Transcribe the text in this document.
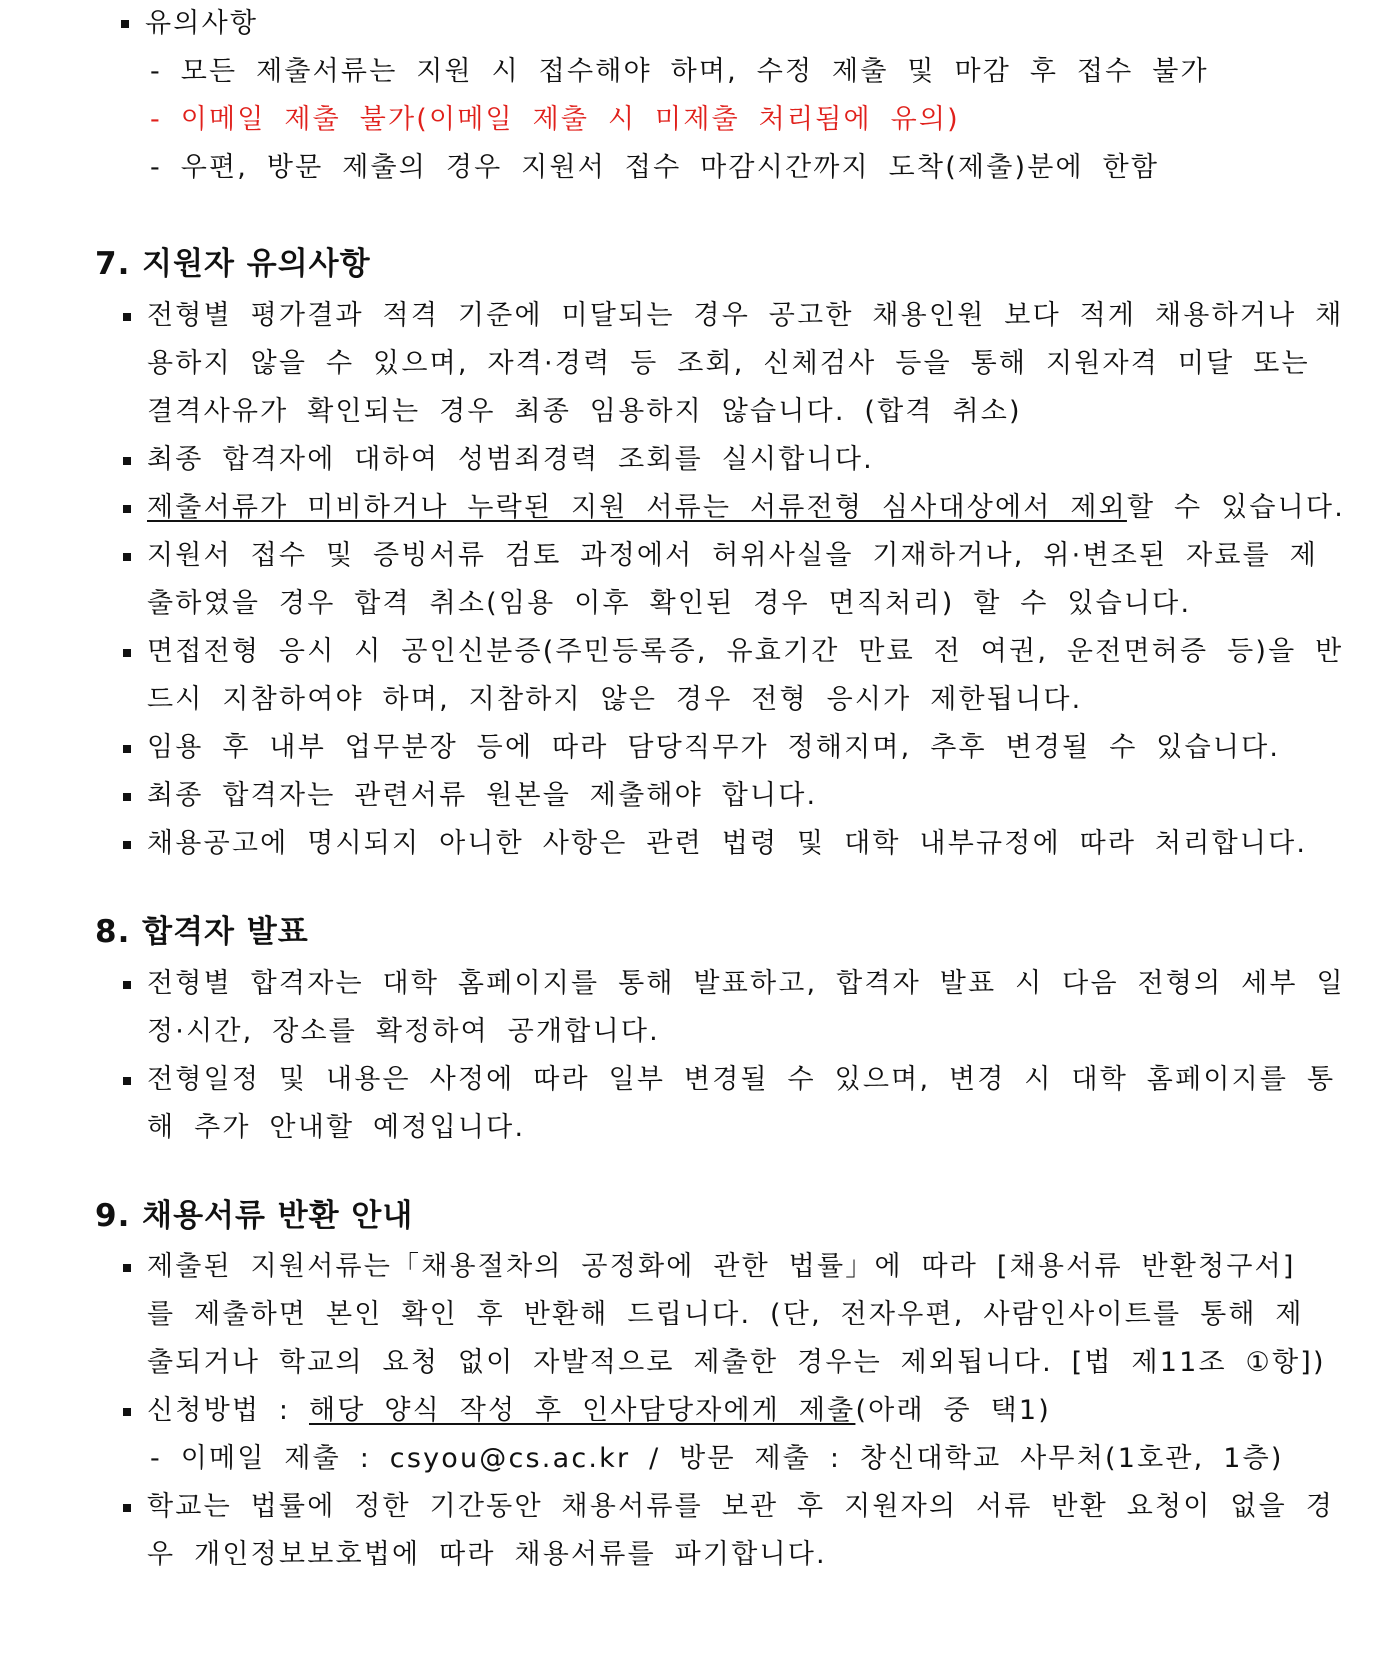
유의사항
- 모든 제출서류는 지원 시 접수해야 하며, 수정 제출 및 마감 후 접수 불가
- 이메일 제출 불가(이메일 제출 시 미제출 처리됨에 유의)
- 우편, 방문 제출의 경우 지원서 접수 마감시간까지 도착(제출)분에 한함
7. 지원자 유의사항
전형별 평가결과 적격 기준에 미달되는 경우 공고한 채용인원 보다 적게 채용하거나 채
용하지 않을 수 있으며, 자격·경력 등 조회, 신체검사 등을 통해 지원자격 미달 또는
결격사유가 확인되는 경우 최종 임용하지 않습니다. (합격 취소)
최종 합격자에 대하여 성범죄경력 조회를 실시합니다.
제출서류가 미비하거나 누락된 지원 서류는 서류전형 심사대상에서 제외할 수 있습니다.
지원서 접수 및 증빙서류 검토 과정에서 허위사실을 기재하거나, 위·변조된 자료를 제
출하였을 경우 합격 취소(임용 이후 확인된 경우 면직처리) 할 수 있습니다.
면접전형 응시 시 공인신분증(주민등록증, 유효기간 만료 전 여권, 운전면허증 등)을 반
드시 지참하여야 하며, 지참하지 않은 경우 전형 응시가 제한됩니다.
임용 후 내부 업무분장 등에 따라 담당직무가 정해지며, 추후 변경될 수 있습니다.
최종 합격자는 관련서류 원본을 제출해야 합니다.
채용공고에 명시되지 아니한 사항은 관련 법령 및 대학 내부규정에 따라 처리합니다.
8. 합격자 발표
전형별 합격자는 대학 홈페이지를 통해 발표하고, 합격자 발표 시 다음 전형의 세부 일
정·시간, 장소를 확정하여 공개합니다.
전형일정 및 내용은 사정에 따라 일부 변경될 수 있으며, 변경 시 대학 홈페이지를 통
해 추가 안내할 예정입니다.
9. 채용서류 반환 안내
제출된 지원서류는「채용절차의 공정화에 관한 법률」에 따라 [채용서류 반환청구서]
를 제출하면 본인 확인 후 반환해 드립니다. (단, 전자우편, 사람인사이트를 통해 제
출되거나 학교의 요청 없이 자발적으로 제출한 경우는 제외됩니다. [법 제11조 ①항])
신청방법 : 해당 양식 작성 후 인사담당자에게 제출(아래 중 택1)
- 이메일 제출 : csyou@cs.ac.kr / 방문 제출 : 창신대학교 사무처(1호관, 1층)
학교는 법률에 정한 기간동안 채용서류를 보관 후 지원자의 서류 반환 요청이 없을 경
우 개인정보보호법에 따라 채용서류를 파기합니다.
